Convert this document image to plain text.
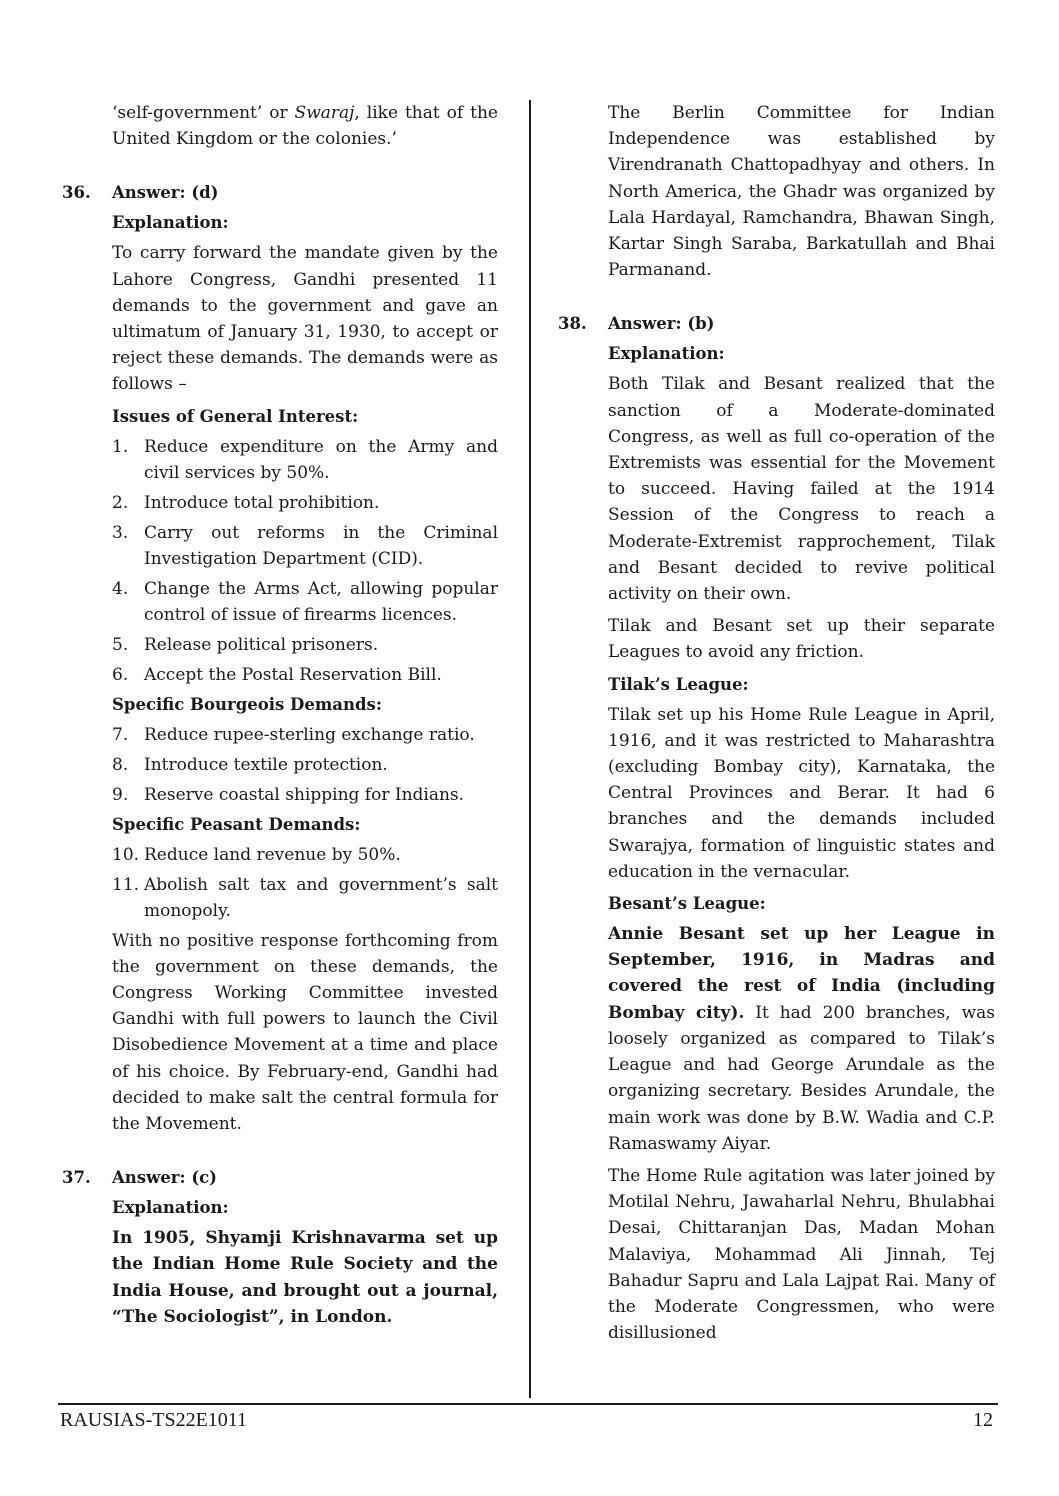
‘self-government’ or Swaraj, like that of the United Kingdom or the colonies.’

36.	Answer: (d)
Explanation:

To carry forward the mandate given by the Lahore Congress, Gandhi presented 11 demands to the government and gave an ultimatum of January 31, 1930, to accept or reject these demands. The demands were as follows –

Issues of General Interest:
1. Reduce expenditure on the Army and civil services by 50%.
2. Introduce total prohibition.
3. Carry out reforms in the Criminal Investigation Department (CID).
4. Change the Arms Act, allowing popular control of issue of firearms licences.
5. Release political prisoners.
6. Accept the Postal Reservation Bill.
Specific Bourgeois Demands:
7. Reduce rupee-sterling exchange ratio.
8. Introduce textile protection.
9. Reserve coastal shipping for Indians.
Specific Peasant Demands:
10. Reduce land revenue by 50%.
11. Abolish salt tax and government’s salt monopoly.

With no positive response forthcoming from the government on these demands, the Congress Working Committee invested Gandhi with full powers to launch the Civil Disobedience Movement at a time and place of his choice. By February-end, Gandhi had decided to make salt the central formula for the Movement.

37.	Answer: (c)
Explanation:

In 1905, Shyamji Krishnavarma set up the Indian Home Rule Society and the India House, and brought out a journal, “The Sociologist”, in London.

The Berlin Committee for Indian Independence was established by Virendranath Chattopadhyay and others. In North America, the Ghadr was organized by Lala Hardayal, Ramchandra, Bhawan Singh, Kartar Singh Saraba, Barkatullah and Bhai Parmanand.

38.	Answer: (b)
Explanation:

Both Tilak and Besant realized that the sanction of a Moderate-dominated Congress, as well as full co-operation of the Extremists was essential for the Movement to succeed. Having failed at the 1914 Session of the Congress to reach a Moderate-Extremist rapprochement, Tilak and Besant decided to revive political activity on their own.

Tilak and Besant set up their separate Leagues to avoid any friction.

Tilak’s League:

Tilak set up his Home Rule League in April, 1916, and it was restricted to Maharashtra (excluding Bombay city), Karnataka, the Central Provinces and Berar. It had 6 branches and the demands included Swarajya, formation of linguistic states and education in the vernacular.

Besant’s League:

Annie Besant set up her League in September, 1916, in Madras and covered the rest of India (including Bombay city). It had 200 branches, was loosely organized as compared to Tilak’s League and had George Arundale as the organizing secretary. Besides Arundale, the main work was done by B.W. Wadia and C.P. Ramaswamy Aiyar.

The Home Rule agitation was later joined by Motilal Nehru, Jawaharlal Nehru, Bhulabhai Desai, Chittaranjan Das, Madan Mohan Malaviya, Mohammad Ali Jinnah, Tej Bahadur Sapru and Lala Lajpat Rai. Many of the Moderate Congressmen, who were disillusioned

RAUSIAS-TS22E1011	12
